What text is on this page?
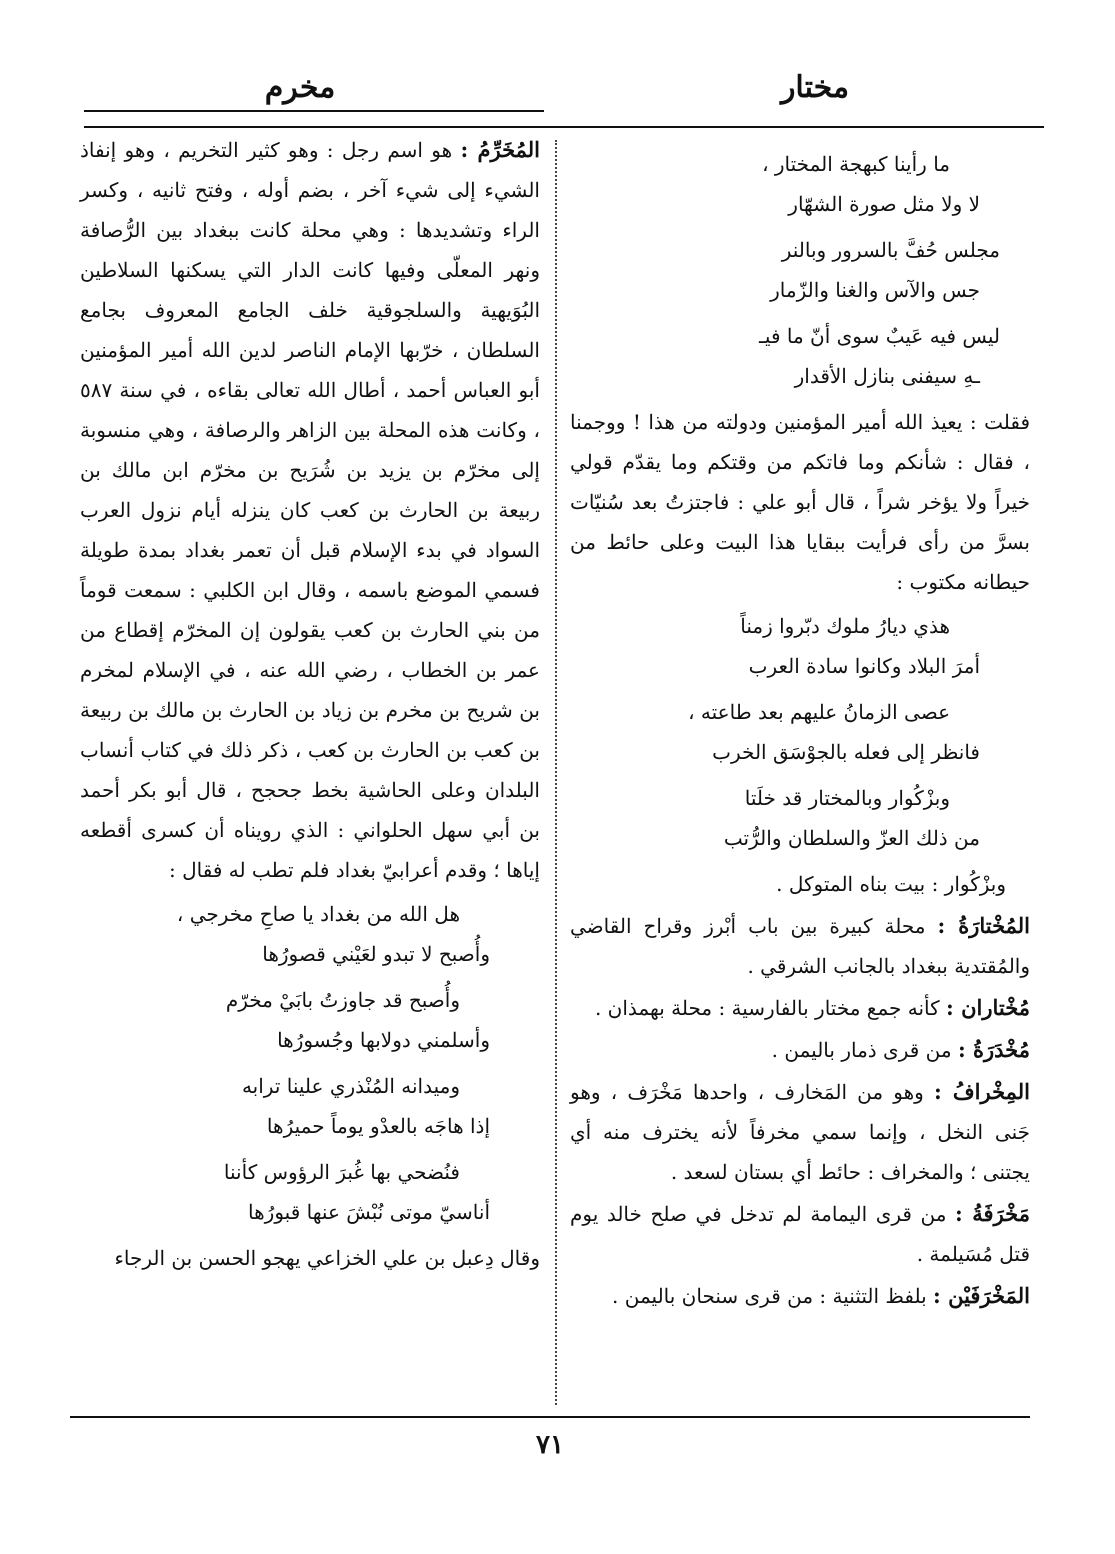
مختار
مخرم

ما رأينا كبهجة المختار ،

لا ولا مثل صورة الشهّار

مجلس حُفَّ بالسرور وبالنر

جس والآس والغنا والزّمار

ليس فيه عَيبٌ سوى أنّ ما فيـ

ـهِ سيفنى بنازل الأقدار

فقلت : يعيذ الله أمير المؤمنين ودولته من هذا ! ووجمنا ، فقال : شأنكم وما فاتكم من وقتكم وما يقدّم قولي خيراً ولا يؤخر شراً ، قال أبو علي : فاجتزتُ بعد سُنيّات بسرَّ من رأى فرأيت ببقايا هذا البيت وعلى حائط من حيطانه مكتوب :

هذي ديارُ ملوك دبّروا زمناً

أمرَ البلاد وكانوا سادة العرب

عصى الزمانُ عليهم بعد طاعته ،

فانظر إلى فعله بالجوْسَق الخرب

وبزْكُوار وبالمختار قد خلَتا

من ذلك العزّ والسلطان والرُّتب

وبزْكُوار : بيت بناه المتوكل .

المُخْتارَةُ : محلة كبيرة بين باب أبْرز وقراح القاضي والمُقتدية ببغداد بالجانب الشرقي .

مُخْتاران : كأنه جمع مختار بالفارسية : محلة بهمذان .

مُخْدَرَةُ : من قرى ذمار باليمن .

المِخْرافُ : وهو من المَخارف ، واحدها مَخْرَف ، وهو جَنى النخل ، وإنما سمي مخرفاً لأنه يخترف منه أي يجتنى ؛ والمخراف : حائط أي بستان لسعد .

مَخْرَفَةُ : من قرى اليمامة لم تدخل في صلح خالد يوم قتل مُسَيلمة .

المَخْرَفَيْن : بلفظ التثنية : من قرى سنحان باليمن .

المُخَرِّمُ : هو اسم رجل : وهو كثير التخريم ، وهو إنفاذ الشيء إلى شيء آخر ، بضم أوله ، وفتح ثانيه ، وكسر الراء وتشديدها : وهي محلة كانت ببغداد بين الرُّصافة ونهر المعلّى وفيها كانت الدار التي يسكنها السلاطين البُوَيهية والسلجوقية خلف الجامع المعروف بجامع السلطان ، خرّبها الإمام الناصر لدين الله أمير المؤمنين أبو العباس أحمد ، أطال الله تعالى بقاءه ، في سنة ٥٨٧ ، وكانت هذه المحلة بين الزاهر والرصافة ، وهي منسوبة إلى مخرّم بن يزيد بن شُرَيح بن مخرّم ابن مالك بن ربيعة بن الحارث بن كعب كان ينزله أيام نزول العرب السواد في بدء الإسلام قبل أن تعمر بغداد بمدة طويلة فسمي الموضع باسمه ، وقال ابن الكلبي : سمعت قوماً من بني الحارث بن كعب يقولون إن المخرّم إقطاع من عمر بن الخطاب ، رضي الله عنه ، في الإسلام لمخرم بن شريح بن مخرم بن زياد بن الحارث بن مالك بن ربيعة بن كعب بن الحارث بن كعب ، ذكر ذلك في كتاب أنساب البلدان وعلى الحاشية بخط جحجح ، قال أبو بكر أحمد بن أبي سهل الحلواني : الذي رويناه أن كسرى أقطعه إياها ؛ وقدم أعرابيّ بغداد فلم تطب له فقال :

هل الله من بغداد يا صاحِ مخرجي ،

وأُصبح لا تبدو لعَيْني قصورُها

وأُصبح قد جاوزتُ بابَيْ مخرّم

وأسلمني دولابها وجُسورُها

وميدانه المُنْذري علينا ترابه

إذا هاجَه بالعدْو يوماً حميرُها

فنُضحي بها غُبرَ الرؤوس كأننا

أناسيّ موتى نُبْشَ عنها قبورُها

وقال دِعبل بن علي الخزاعي يهجو الحسن بن الرجاء

٧١
